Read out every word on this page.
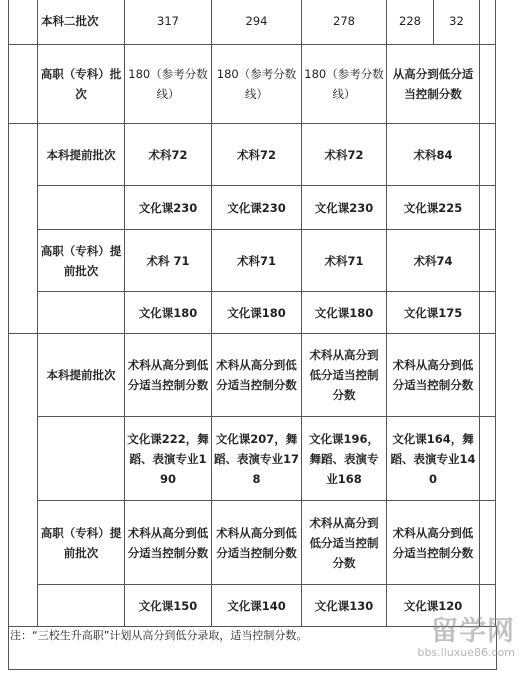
	本科二批次	317	294	278	228	32	
	高职（专科）批次	180（参考分数线）	180（参考分数线）	180（参考分数线）	从高分到低分适当控制分数		
	本科提前批次	术科72	术科72	术科72	术科84		
		文化课230	文化课230	文化课230	文化课225		
	高职（专科）提前批次	术科 71	术科71	术科71	术科74		
		文化课180	文化课180	文化课180	文化课175		
	本科提前批次	术科从高分到低分适当控制分数	术科从高分到低分适当控制分数	术科从高分到低分适当控制分数	术科从高分到低分适当控制分数		
		文化课222，舞蹈、表演专业190	文化课207，舞蹈、表演专业178	文化课196，舞蹈、表演专业168	文化课164，舞蹈、表演专业140		
	高职（专科）提前批次	术科从高分到低分适当控制分数	术科从高分到低分适当控制分数	术科从高分到低分适当控制分数	术科从高分到低分适当控制分数		
		文化课150	文化课140	文化课130	文化课120		
注：“三校生升高职”计划从高分到低分录取，适当控制分数。	留学网
bbs.liuxue86.com
